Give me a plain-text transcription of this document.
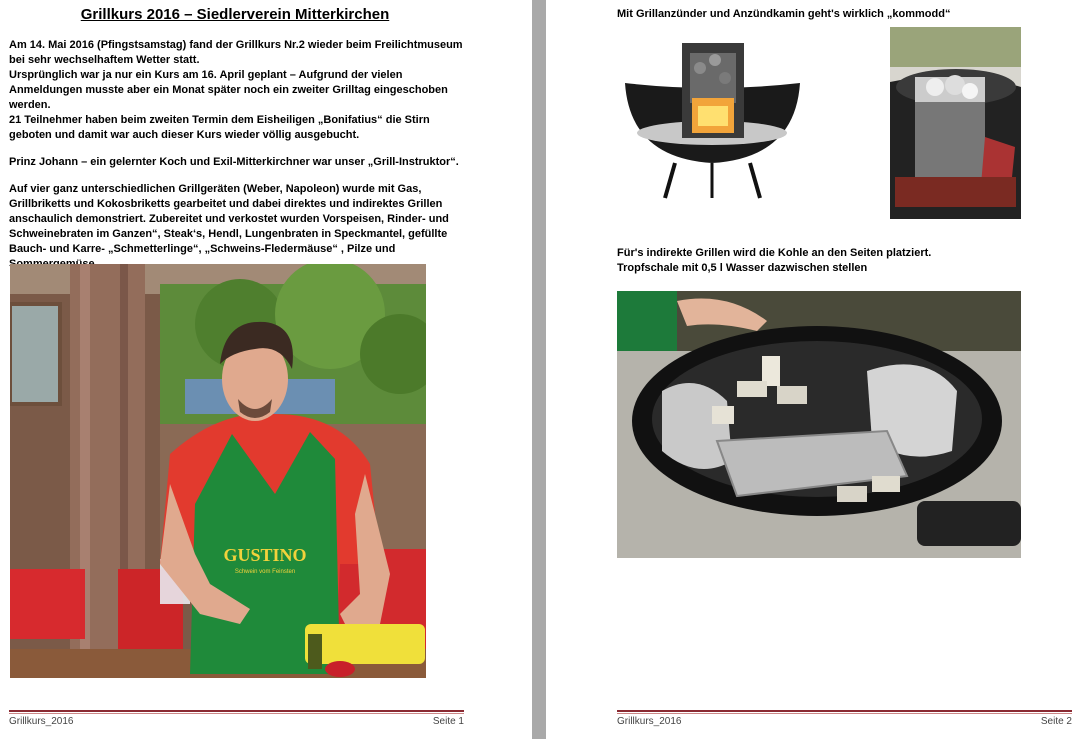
Grillkurs 2016 – Siedlerverein Mitterkirchen

Am 14. Mai 2016 (Pfingstsamstag) fand der Grillkurs Nr.2 wieder beim Freilichtmuseum bei sehr wechselhaftem Wetter statt.

Ursprünglich war ja nur ein Kurs am 16. April geplant – Aufgrund der vielen Anmeldungen musste aber ein Monat später noch ein zweiter Grilltag eingeschoben werden.

21 Teilnehmer haben beim zweiten Termin dem Eisheiligen „Bonifatius“ die Stirn geboten und damit war auch dieser Kurs wieder völlig ausgebucht.

Prinz Johann – ein gelernter Koch und Exil-Mitterkirchner war unser „Grill-Instruktor“.

Auf vier ganz unterschiedlichen Grillgeräten (Weber, Napoleon) wurde mit Gas, Grillbriketts und Kokosbriketts gearbeitet und dabei direktes und indirektes Grillen anschaulich demonstriert. Zubereitet und verkostet wurden Vorspeisen, Rinder- und Schweinebraten im Ganzen“, Steak‘s, Hendl, Lungenbraten in Speckmantel, gefüllte Bauch- und Karre- „Schmetterlinge“, „Schweins-Fledermäuse“ , Pilze und

GUSTINO
Schwein vom Feinsten
Grillkurs_2016	Seite 1
Mit Grillanzünder und Anzündkamin geht's wirklich „kommodd“
Für's indirekte Grillen wird die Kohle an den Seiten platziert.
Tropfschale mit 0,5 l Wasser dazwischen stellen
Grillkurs_2016	Seite 2
